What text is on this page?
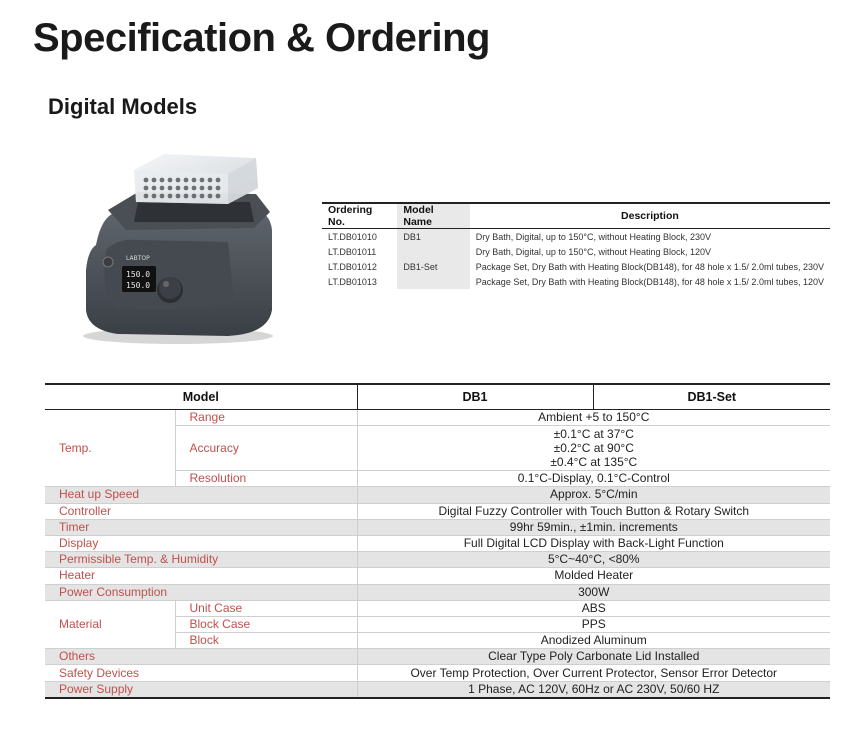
Specification & Ordering
Digital Models
150.0
150.0
LABTOP
Ordering No.	Model Name	Description
LT.DB01010	DB1	Dry Bath, Digital, up to 150°C, without Heating Block, 230V
LT.DB01011		Dry Bath, Digital, up to 150°C, without Heating Block, 120V
LT.DB01012	DB1-Set	Package Set, Dry Bath with Heating Block(DB148), for 48 hole x 1.5/ 2.0ml tubes, 230V
LT.DB01013		Package Set, Dry Bath with Heating Block(DB148), for 48 hole x 1.5/ 2.0ml tubes, 120V
Model		DB1	DB1-Set
Temp.	Range	Ambient +5 to 150°C	
	Accuracy	±0.1°C at 37°C
±0.2°C at 90°C
±0.4°C at 135°C	

	Resolution	0.1°C-Display, 0.1°C-Control	
Heat up Speed		Approx. 5°C/min	
Controller		Digital Fuzzy Controller with Touch Button & Rotary Switch	
Timer		99hr 59min., ±1min. increments	
Display		Full Digital LCD Display with Back-Light Function	
Permissible Temp. & Humidity		5°C~40°C, <80%	
Heater		Molded Heater	
Power Consumption		300W	
Material	Unit Case	ABS	
	Block Case	PPS	
	Block	Anodized Aluminum	
Others		Clear Type Poly Carbonate Lid Installed	
Safety Devices		Over Temp Protection, Over Current Protector, Sensor Error Detector	
Power Supply		1 Phase, AC 120V, 60Hz or AC 230V, 50/60 HZ	
